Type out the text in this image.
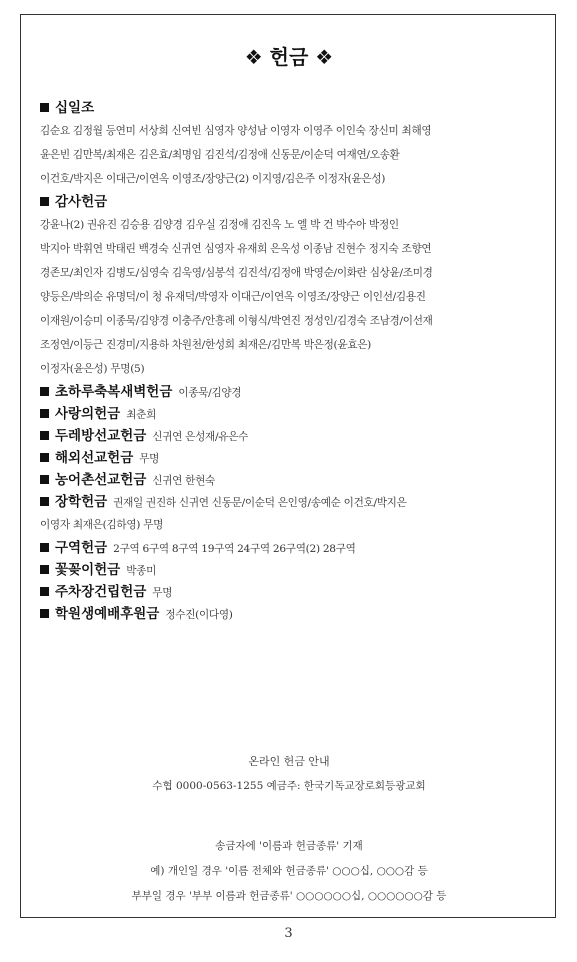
❖ 헌금 ❖
십일조
김순요 김정월 등연미 서상희 신여빈 심영자 양성남 이영자 이영주 이인숙 장신미 최해영
윤은빈 김만복/최재은 김은효/최명임 김진석/김정애 신동문/이순덕 여재연/오송환
이건호/박지은 이대근/이연옥 이영조/장양근(2) 이지영/김은주 이정자(윤은성)
감사헌금
강윤나(2) 권유진 김승용 김양경 김우실 김정애 김진옥 노 엘 박 건 박수아 박정인
박지아 박휘연 박태린 백경숙 신귀연 심영자 유재희 은옥성 이종남 진현수 정지숙 조향연
경존모/최인자 김병도/심영숙 김욱영/심봉석 김진석/김정애 박영순/이화란 심상윤/조미경
양등은/박의순 유명덕/이 청 유재덕/박영자 이대근/이연옥 이영조/장양근 이인선/김용진
이재원/이승미 이종묵/김양경 이충주/안흥례 이형식/박연진 정성인/김경숙 조남경/이선재
조정연/이등근 진경미/지용하 차원천/한성희 최재은/김만복 박은정(윤효은)
이정자(윤은성) 무명(5)
초하루축복새벽헌금 이종묵/김양경
사랑의헌금 최춘희
두레방선교헌금 신귀연 은성재/유은수
해외선교헌금 무명
농어촌선교헌금 신귀연 한현숙
장학헌금 권재일 권진하 신귀연 신동문/이순덕 은인영/송예순 이건호/박지은
이영자 최재은(김하영) 무명
구역헌금 2구역 6구역 8구역 19구역 24구역 26구역(2) 28구역
꽃꽂이헌금 박종미
주차장건립헌금 무명
학원생예배후원금 정수진(이다영)
온라인 헌금 안내
수협 0000-0563-1255 예금주: 한국기독교장로회등광교회
송금자에 '이름과 헌금종류' 기재
예) 개인일 경우 '이름 전체와 헌금종류' ○○○십, ○○○감 등
부부일 경우 '부부 이름과 헌금종류' ○○○○○○십, ○○○○○○감 등
3
